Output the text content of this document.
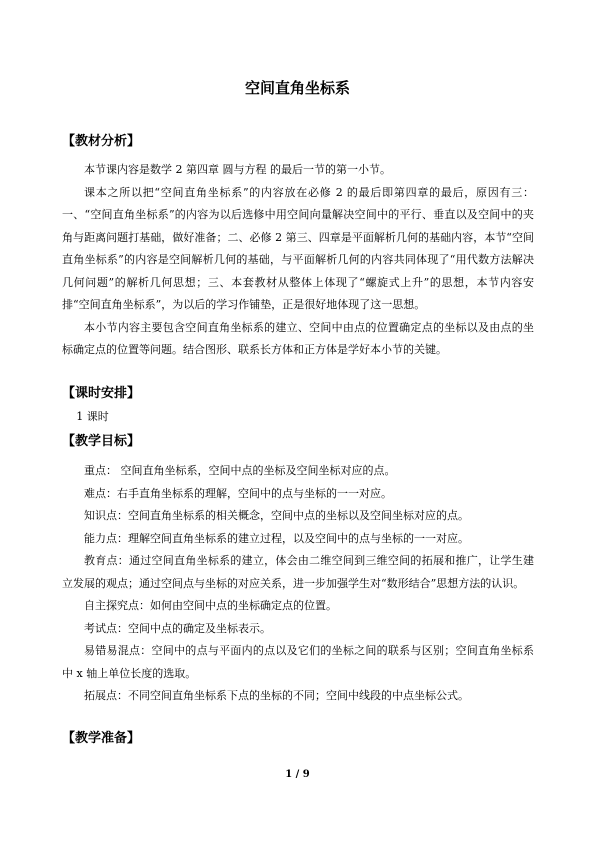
空间直角坐标系
【教材分析】

本节课内容是数学 2 第四章 圆与方程 的最后一节的第一小节。

课本之所以把“空间直角坐标系”的内容放在必修 2 的最后即第四章的最后，原因有三：一、“空间直角坐标系”的内容为以后选修中用空间向量解决空间中的平行、垂直以及空间中的夹角与距离问题打基础，做好准备；二、必修 2 第三、四章是平面解析几何的基础内容，本节“空间直角坐标系”的内容是空间解析几何的基础，与平面解析几何的内容共同体现了“用代数方法解决几何问题”的解析几何思想；三、本套教材从整体上体现了“螺旋式上升”的思想，本节内容安排“空间直角坐标系”，为以后的学习作铺垫，正是很好地体现了这一思想。

本小节内容主要包含空间直角坐标系的建立、空间中由点的位置确定点的坐标以及由点的坐标确定点的位置等问题。结合图形、联系长方体和正方体是学好本小节的关键。

【课时安排】

1 课时

【教学目标】

重点： 空间直角坐标系，空间中点的坐标及空间坐标对应的点。

难点：右手直角坐标系的理解，空间中的点与坐标的一一对应。

知识点：空间直角坐标系的相关概念，空间中点的坐标以及空间坐标对应的点。

能力点：理解空间直角坐标系的建立过程，以及空间中的点与坐标的一一对应。

教育点：通过空间直角坐标系的建立，体会由二维空间到三维空间的拓展和推广，让学生建立发展的观点；通过空间点与坐标的对应关系，进一步加强学生对“数形结合”思想方法的认识。

自主探究点：如何由空间中点的坐标确定点的位置。

考试点：空间中点的确定及坐标表示。

易错易混点：空间中的点与平面内的点以及它们的坐标之间的联系与区别；空间直角坐标系中 x 轴上单位长度的选取。

拓展点：不同空间直角坐标系下点的坐标的不同；空间中线段的中点坐标公式。

【教学准备】
1 / 9
